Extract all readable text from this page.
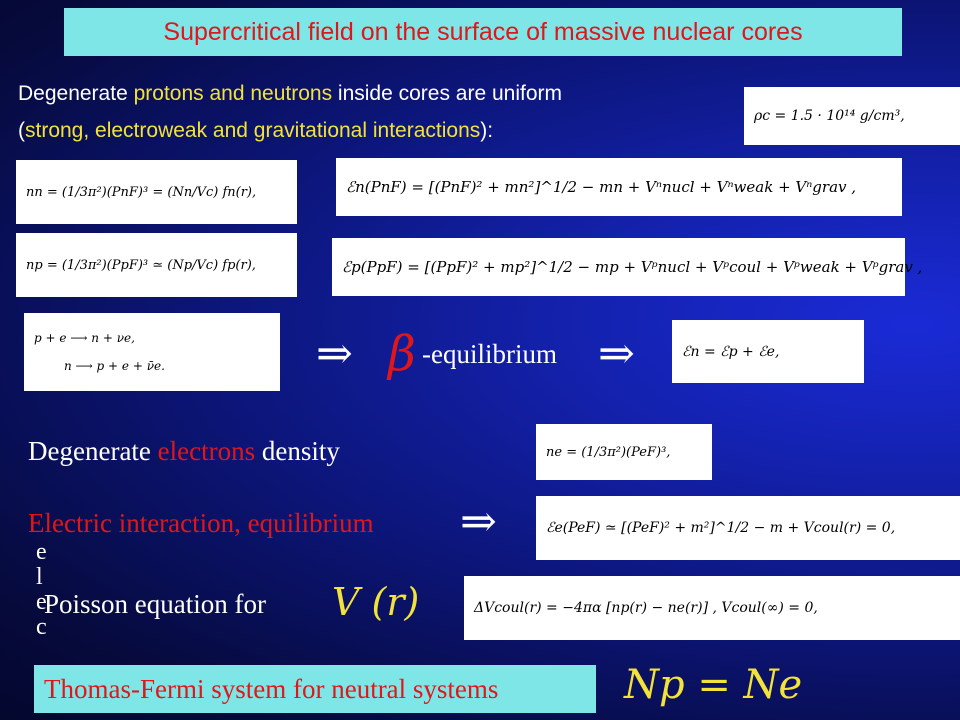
Supercritical field on the surface of massive nuclear cores
Degenerate protons and neutrons inside cores are uniform
(strong, electroweak and gravitational interactions):
ρc = 1.5 · 10¹⁴ g/cm³,
nn = (1/3π²)(PnF)³ = (Nn/Vc) fn(r),	ℰn(PnF) = [(PnF)² + mn²]^1/2 − mn + Vⁿnucl + Vⁿweak + Vⁿgrav ,
np = (1/3π²)(PpF)³ ≃ (Np/Vc) fp(r),	ℰp(PpF) = [(PpF)² + mp²]^1/2 − mp + Vᵖnucl + Vᵖcoul + Vᵖweak + Vᵖgrav ,
p + e ⟶ n + νe,
n ⟶ p + e + ν̄e.	⇒ β -equilibrium ⇒	ℰn = ℰp + ℰe,
Degenerate electrons density	ne = (1/3π²)(PeF)³,
Electric interaction, equilibrium ⇒	ℰe(PeF) ≃ [(PeF)² + m²]^1/2 − m + Vcoul(r) = 0,
e
l
e
c
Poisson equation for V (r)	ΔVcoul(r) = −4πα [np(r) − ne(r)] , Vcoul(∞) = 0,
Thomas-Fermi system for neutral systems	Np = Ne
